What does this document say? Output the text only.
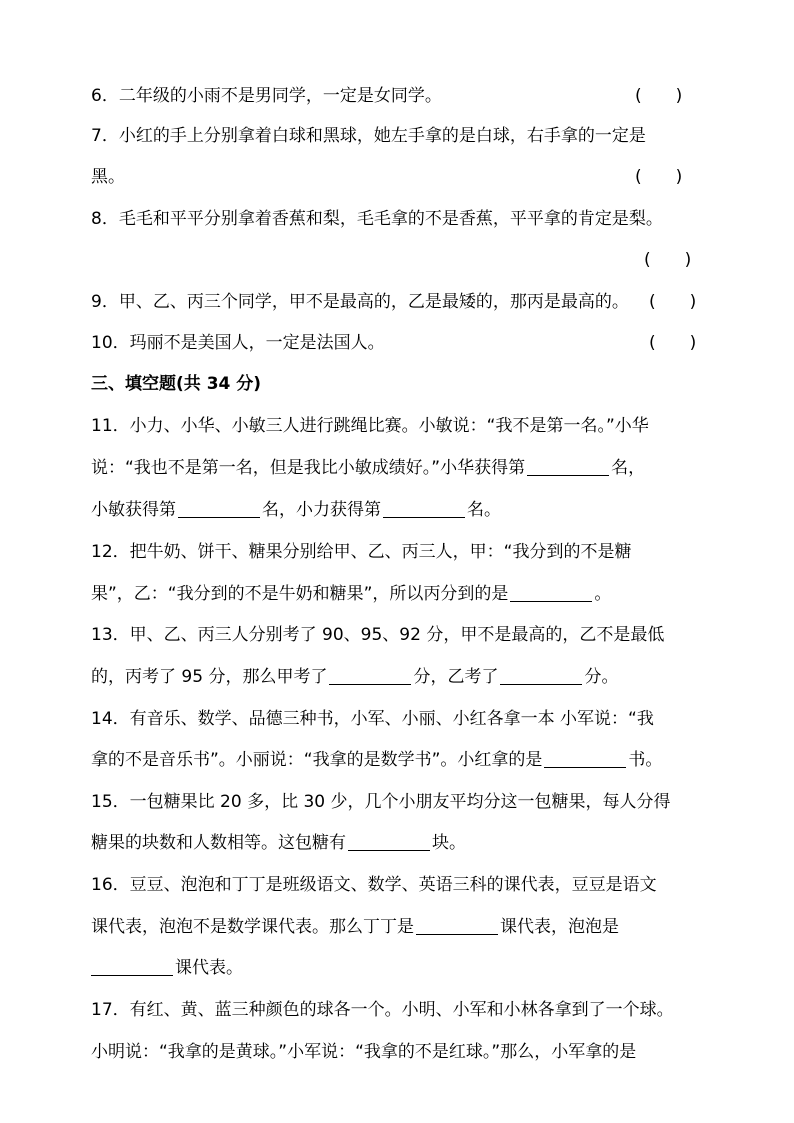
6．二年级的小雨不是男同学，一定是女同学。	(　　)
7．小红的手上分别拿着白球和黑球，她左手拿的是白球，右手拿的一定是
黑。	(　　)
8．毛毛和平平分别拿着香蕉和梨，毛毛拿的不是香蕉，平平拿的肯定是梨。
(　　)
9．甲、乙、丙三个同学，甲不是最高的，乙是最矮的，那丙是最高的。 (　　)
10．玛丽不是美国人，一定是法国人。	(　　)
三、填空题(共 34 分)
11．小力、小华、小敏三人进行跳绳比赛。小敏说：“我不是第一名。”小华
说：“我也不是第一名，但是我比小敏成绩好。”小华获得第	名，
小敏获得第	名，小力获得第	名。
12．把牛奶、饼干、糖果分别给甲、乙、丙三人，甲：“我分到的不是糖
果”，乙：“我分到的不是牛奶和糖果”，所以丙分到的是	。
13．甲、乙、丙三人分别考了 90、95、92 分，甲不是最高的，乙不是最低
的，丙考了 95 分，那么甲考了	分，乙考了	分。
14．有音乐、数学、品德三种书，小军、小丽、小红各拿一本 小军说：“我
拿的不是音乐书”。小丽说：“我拿的是数学书”。小红拿的是	书。
15．一包糖果比 20 多，比 30 少，几个小朋友平均分这一包糖果，每人分得
糖果的块数和人数相等。这包糖有	块。
16．豆豆、泡泡和丁丁是班级语文、数学、英语三科的课代表，豆豆是语文
课代表，泡泡不是数学课代表。那么丁丁是	课代表，泡泡是
课代表。
17．有红、黄、蓝三种颜色的球各一个。小明、小军和小林各拿到了一个球。
小明说：“我拿的是黄球。”小军说：“我拿的不是红球。”那么，小军拿的是
